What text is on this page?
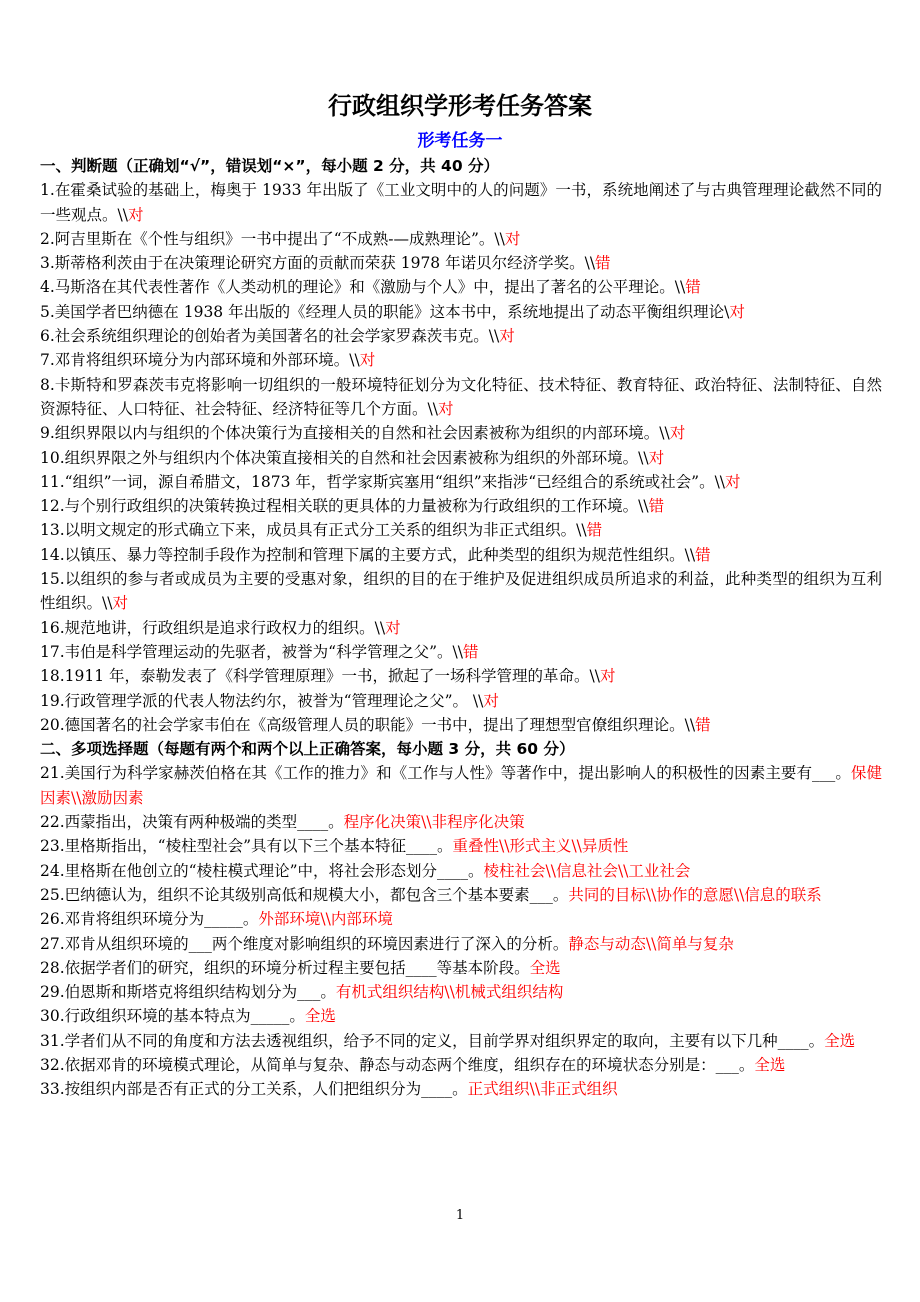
行政组织学形考任务答案
形考任务一

一、判断题（正确划“√”，错误划“×”，每小题 2 分，共 40 分）

1.在霍桑试验的基础上，梅奥于 1933 年出版了《工业文明中的人的问题》一书，系统地阐述了与古典管理理论截然不同的一些观点。\\对

2.阿吉里斯在《个性与组织》一书中提出了“不成熟-—成熟理论”。\\对

3.斯蒂格利茨由于在决策理论研究方面的贡献而荣获 1978 年诺贝尔经济学奖。\\错

4.马斯洛在其代表性著作《人类动机的理论》和《激励与个人》中，提出了著名的公平理论。\\错

5.美国学者巴纳德在 1938 年出版的《经理人员的职能》这本书中，系统地提出了动态平衡组织理论\对

6.社会系统组织理论的创始者为美国著名的社会学家罗森茨韦克。\\对

7.邓肯将组织环境分为内部环境和外部环境。\\对

8.卡斯特和罗森茨韦克将影响一切组织的一般环境特征划分为文化特征、技术特征、教育特征、政治特征、法制特征、自然资源特征、人口特征、社会特征、经济特征等几个方面。\\对

9.组织界限以内与组织的个体决策行为直接相关的自然和社会因素被称为组织的内部环境。\\对

10.组织界限之外与组织内个体决策直接相关的自然和社会因素被称为组织的外部环境。\\对

11.“组织”一词，源自希腊文，1873 年，哲学家斯宾塞用“组织”来指涉“已经组合的系统或社会”。\\对

12.与个别行政组织的决策转换过程相关联的更具体的力量被称为行政组织的工作环境。\\错

13.以明文规定的形式确立下来，成员具有正式分工关系的组织为非正式组织。\\错

14.以镇压、暴力等控制手段作为控制和管理下属的主要方式，此种类型的组织为规范性组织。\\错

15.以组织的参与者或成员为主要的受惠对象，组织的目的在于维护及促进组织成员所追求的利益，此种类型的组织为互利性组织。\\对

16.规范地讲，行政组织是追求行政权力的组织。\\对

17.韦伯是科学管理运动的先驱者，被誉为“科学管理之父”。\\错

18.1911 年，泰勒发表了《科学管理原理》一书，掀起了一场科学管理的革命。\\对

19.行政管理学派的代表人物法约尔，被誉为“管理理论之父”。 \\对

20.德国著名的社会学家韦伯在《高级管理人员的职能》一书中，提出了理想型官僚组织理论。\\错

二、多项选择题（每题有两个和两个以上正确答案，每小题 3 分，共 60 分）

21.美国行为科学家赫茨伯格在其《工作的推力》和《工作与人性》等著作中，提出影响人的积极性的因素主要有___。保健因素\\激励因素

22.西蒙指出，决策有两种极端的类型____。程序化决策\\非程序化决策

23.里格斯指出，“棱柱型社会”具有以下三个基本特征____。重叠性\\形式主义\\异质性

24.里格斯在他创立的“棱柱模式理论”中，将社会形态划分____。棱柱社会\\信息社会\\工业社会

25.巴纳德认为，组织不论其级别高低和规模大小，都包含三个基本要素___。共同的目标\\协作的意愿\\信息的联系

26.邓肯将组织环境分为_____。外部环境\\内部环境

27.邓肯从组织环境的___两个维度对影响组织的环境因素进行了深入的分析。静态与动态\\简单与复杂

28.依据学者们的研究，组织的环境分析过程主要包括____等基本阶段。全选

29.伯恩斯和斯塔克将组织结构划分为___。有机式组织结构\\机械式组织结构

30.行政组织环境的基本特点为_____。全选

31.学者们从不同的角度和方法去透视组织，给予不同的定义，目前学界对组织界定的取向，主要有以下几种____。全选

32.依据邓肯的环境模式理论，从简单与复杂、静态与动态两个维度，组织存在的环境状态分别是：___。全选

33.按组织内部是否有正式的分工关系，人们把组织分为____。正式组织\\非正式组织

1
